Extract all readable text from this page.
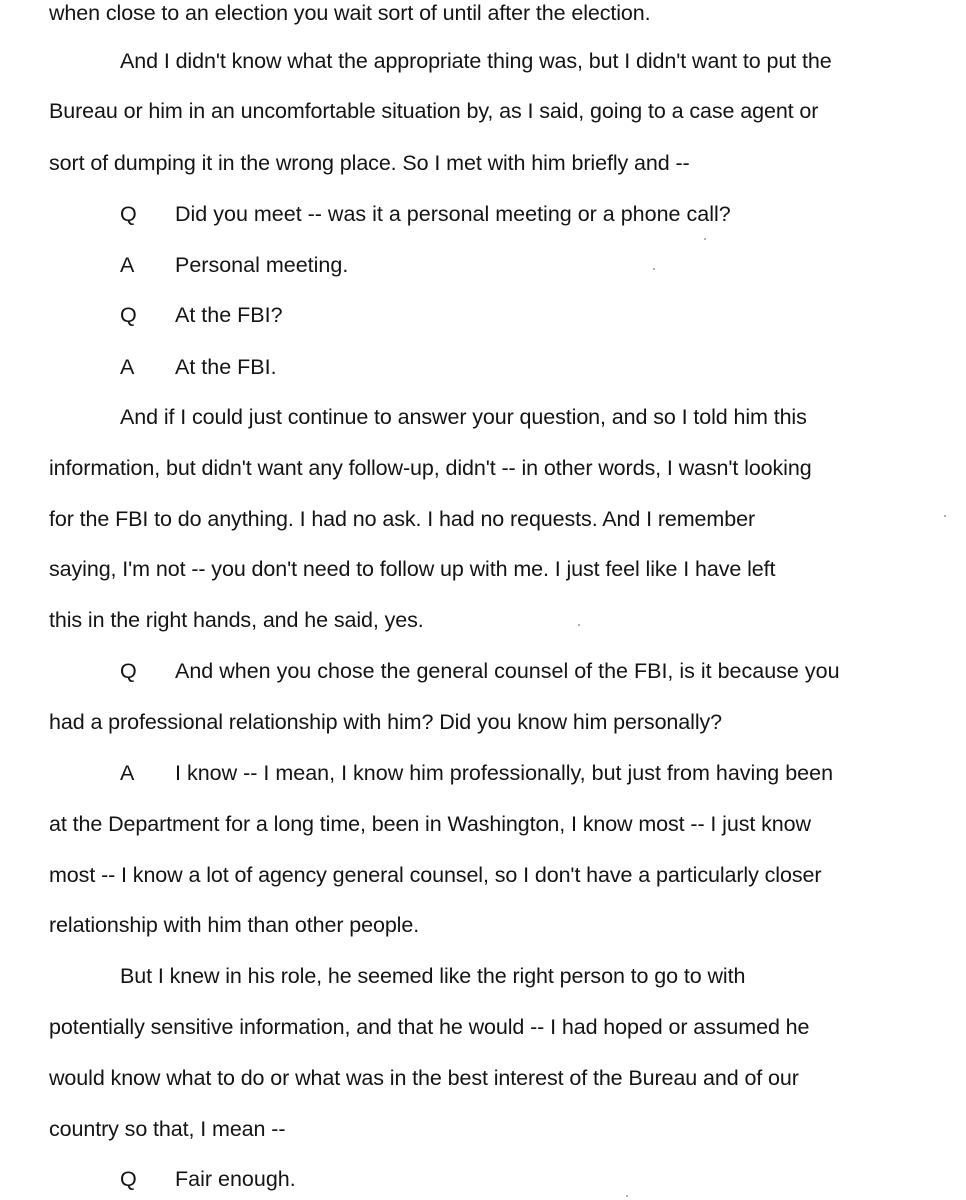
when close to an election you wait sort of until after the election.
And I didn't know what the appropriate thing was, but I didn't want to put the
Bureau or him in an uncomfortable situation by, as I said, going to a case agent or
sort of dumping it in the wrong place. So I met with him briefly and --
Q Did you meet -- was it a personal meeting or a phone call?
A Personal meeting.
Q At the FBI?
A At the FBI.
And if I could just continue to answer your question, and so I told him this
information, but didn't want any follow-up, didn't -- in other words, I wasn't looking
for the FBI to do anything. I had no ask. I had no requests. And I remember
saying, I'm not -- you don't need to follow up with me. I just feel like I have left
this in the right hands, and he said, yes.
Q And when you chose the general counsel of the FBI, is it because you
had a professional relationship with him? Did you know him personally?
A I know -- I mean, I know him professionally, but just from having been
at the Department for a long time, been in Washington, I know most -- I just know
most -- I know a lot of agency general counsel, so I don't have a particularly closer
relationship with him than other people.
But I knew in his role, he seemed like the right person to go to with
potentially sensitive information, and that he would -- I had hoped or assumed he
would know what to do or what was in the best interest of the Bureau and of our
country so that, I mean --
Q Fair enough.
